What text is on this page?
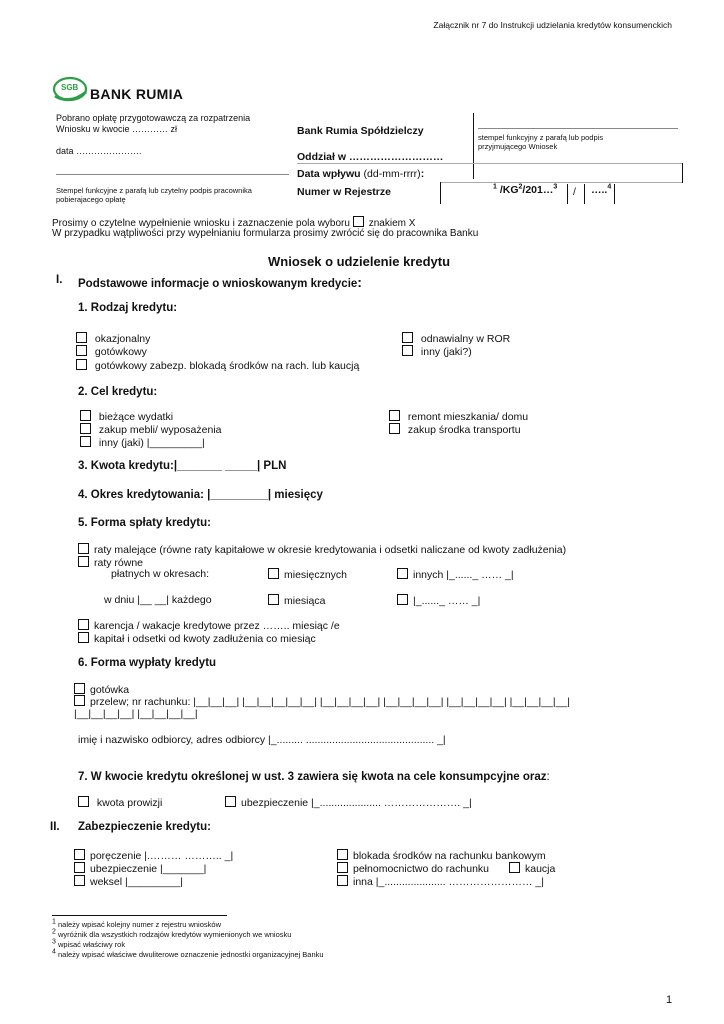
Załącznik nr 7 do Instrukcji udzielania kredytów konsumenckich
SGB BANK RUMIA
Pobrano opłatę przygotowawczą za rozpatrzenia
Wniosku w kwocie ………… zł
data ………………….
Stempel funkcyjne z parafą lub czytelny podpis pracownika
pobierajacego opłatę
Bank Rumia Spółdzielczy
Oddział w ………………………
Data wpływu (dd-mm-rrrr):
Numer w Rejestrze
stempel funkcyjny z parafą lub podpis
przyjmującego Wniosek
$^1$ $/KG^2/201\dots^3$ / …..$^4$
Prosimy o czytelne wypełnienie wniosku i zaznaczenie pola wyboru znakiem X
W przypadku wątpliwości przy wypełnianiu formularza prosimy zwrócić się do pracownika Banku
Wniosek o udzielenie kredytu
I. Podstawowe informacje o wnioskowanym kredycie:
1. Rodzaj kredytu:
okazjonalny
gotówkowy
gotówkowy zabezp. blokadą środków na rach. lub kaucją
odnawialny w ROR
inny (jaki?)
2. Cel kredytu:
bieżące wydatki
zakup mebli/ wyposażenia
inny (jaki) |_________|
remont mieszkania/ domu
zakup środka transportu
3. Kwota kredytu:|_______ _____| PLN
4. Okres kredytowania: |_________| miesięcy
5. Forma spłaty kredytu:
raty malejące (równe raty kapitałowe w okresie kredytowania i odsetki naliczane od kwoty zadłużenia)
raty równe
płatnych w okresach:	miesięcznych	innych |_......_ …… _|
w dniu |__ __| każdego	miesiąca	|_......_ …… _|
karencja / wakacje kredytowe przez …….. miesiąc /e
kapitał i odsetki od kwoty zadłużenia co miesiąc
6. Forma wypłaty kredytu
gotówka
przelew; nr rachunku: |__|__|__| |__|__|__|__|__| |__|__|__|__| |__|__|__|__| |__|__|__|__| |__|__|__|__|
|__|__|__|__| |__|__|__|__|
imię i nazwisko odbiorcy, adres odbiorcy |_......... ............................................ _|
7. W kwocie kredytu określonej w ust. 3 zawiera się kwota na cele konsumpcyjne oraz:
kwota prowizji	ubezpieczenie |_..................... …………………. _|
II. Zabezpieczenie kredytu:
poręczenie |.……… ……….. _|
ubezpieczenie |_______|
weksel |_________|
blokada środków na rachunku bankowym
pełnomocnictwo do rachunku	kaucja
inna |_..................... …………………… _|
$^1$ należy wpisać kolejny numer z rejestru wniosków
$^2$ wyróżnik dla wszystkich rodzajów kredytów wymienionych we wniosku
$^3$ wpisać właściwy rok
$^4$ należy wpisać właściwe dwuliterowe oznaczenie jednostki organizacyjnej Banku
1
